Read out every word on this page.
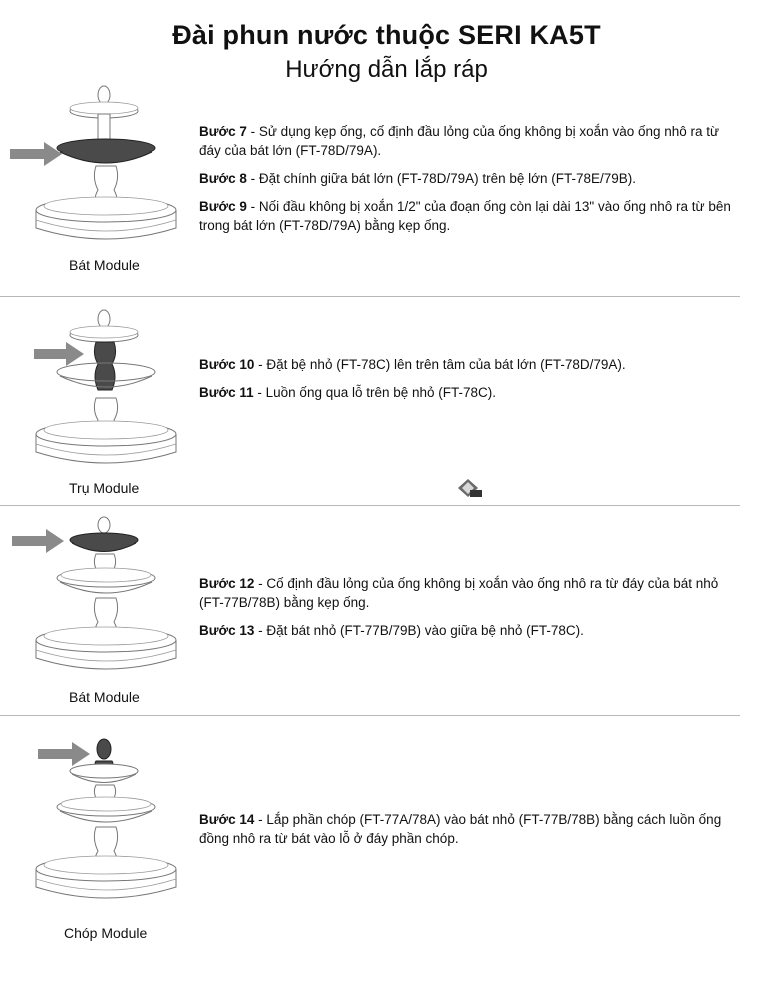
Đài phun nước thuộc SERI KA5T
Hướng dẫn lắp ráp
Bát Module
Bước 7 - Sử dụng kẹp ống, cố định đầu lỏng của ống không bị xoắn vào ống nhô ra từ đáy của bát lớn (FT-78D/79A).
Bước 8 - Đặt chính giữa bát lớn (FT-78D/79A) trên bệ lớn (FT-78E/79B).
Bước 9 - Nối đầu không bị xoắn 1/2" của đoạn ống còn lại dài 13" vào ống nhô ra từ bên trong bát lớn (FT-78D/79A) bằng kẹp ống.
Trụ Module
Bước 10 - Đặt bệ nhỏ (FT-78C) lên trên tâm của bát lớn (FT-78D/79A).
Bước 11 - Luồn ống qua lỗ trên bệ nhỏ (FT-78C).
Bát Module
Bước 12 - Cố định đầu lỏng của ống không bị xoắn vào ống nhô ra từ đáy của bát nhỏ (FT-77B/78B) bằng kẹp ống.
Bước 13 - Đặt bát nhỏ (FT-77B/79B) vào giữa bệ nhỏ (FT-78C).
Chóp Module
Bước 14 - Lắp phần chóp (FT-77A/78A) vào bát nhỏ (FT-77B/78B) bằng cách luồn ống đồng nhô ra từ bát vào lỗ ở đáy phần chóp.
